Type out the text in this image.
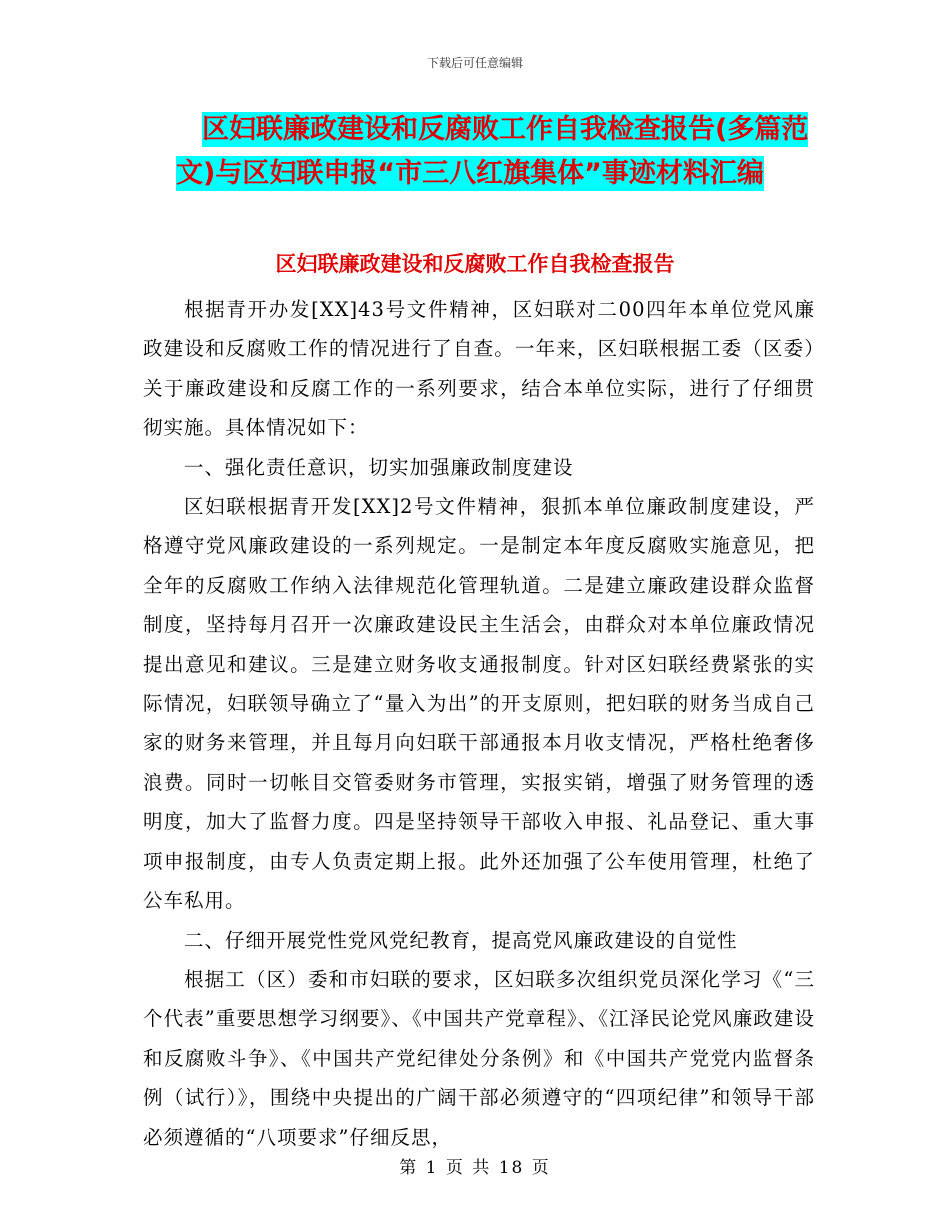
下载后可任意编辑
区妇联廉政建设和反腐败工作自我检查报告(多篇范
文)与区妇联申报“市三八红旗集体”事迹材料汇编
区妇联廉政建设和反腐败工作自我检查报告

根据青开办发[XX]43号文件精神，区妇联对二00四年本单位党风廉政建设和反腐败工作的情况进行了自查。一年来，区妇联根据工委（区委）关于廉政建设和反腐工作的一系列要求，结合本单位实际，进行了仔细贯彻实施。具体情况如下：

一、强化责任意识，切实加强廉政制度建设

区妇联根据青开发[XX]2号文件精神，狠抓本单位廉政制度建设，严格遵守党风廉政建设的一系列规定。一是制定本年度反腐败实施意见，把全年的反腐败工作纳入法律规范化管理轨道。二是建立廉政建设群众监督制度，坚持每月召开一次廉政建设民主生活会，由群众对本单位廉政情况提出意见和建议。三是建立财务收支通报制度。针对区妇联经费紧张的实际情况，妇联领导确立了“量入为出”的开支原则，把妇联的财务当成自己家的财务来管理，并且每月向妇联干部通报本月收支情况，严格杜绝奢侈浪费。同时一切帐目交管委财务市管理，实报实销，增强了财务管理的透明度，加大了监督力度。四是坚持领导干部收入申报、礼品登记、重大事项申报制度，由专人负责定期上报。此外还加强了公车使用管理，杜绝了公车私用。

二、仔细开展党性党风党纪教育，提高党风廉政建设的自觉性

根据工（区）委和市妇联的要求，区妇联多次组织党员深化学习《“三个代表”重要思想学习纲要》、《中国共产党章程》、《江泽民论党风廉政建设和反腐败斗争》、《中国共产党纪律处分条例》和《中国共产党党内监督条例（试行）》，围绕中央提出的广阔干部必须遵守的“四项纪律”和领导干部必须遵循的“八项要求”仔细反思，

第 1 页 共 18 页
